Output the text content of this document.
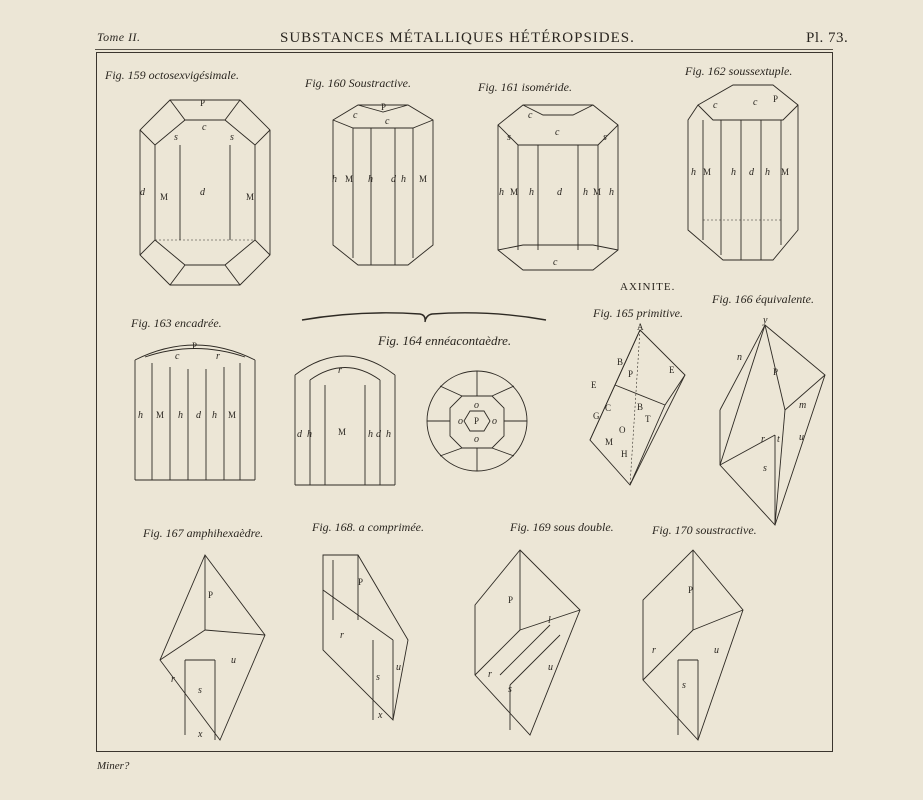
Tome II.	SUBSTANCES MÉTALLIQUES HÉTÉROPSIDES.	Pl. 73.
Fig. 159 octosexvigésimale.
Fig. 160 Soustractive.	Fig. 161 isoméride.
Fig. 162 soussextuple.
Fig. 163 encadrée.
Fig. 164 ennéacontaèdre.
AXINITE.
Fig. 165 primitive.
Fig. 166 équivalente.
Fig. 167 amphihexaèdre.	Fig. 168. a comprimée.	Fig. 169 sous double.	Fig. 170 soustractive.
P
s
c
s
d M	d	M
P
c
c
h M h d h M
c
c
s	s
h M h d h M h
c
P
c	c
h M h d h M
P
c	r
h M h d h M
r
d h	M h d h
P
o
o	o
o
A
B
P	E
E
C	B
G
O
T
M
H
y
n
P
m
r t u
s
P
u
r
s
x
P
r
u
s
x
P
l
u
r
s
P
r	u
s
Miner?
